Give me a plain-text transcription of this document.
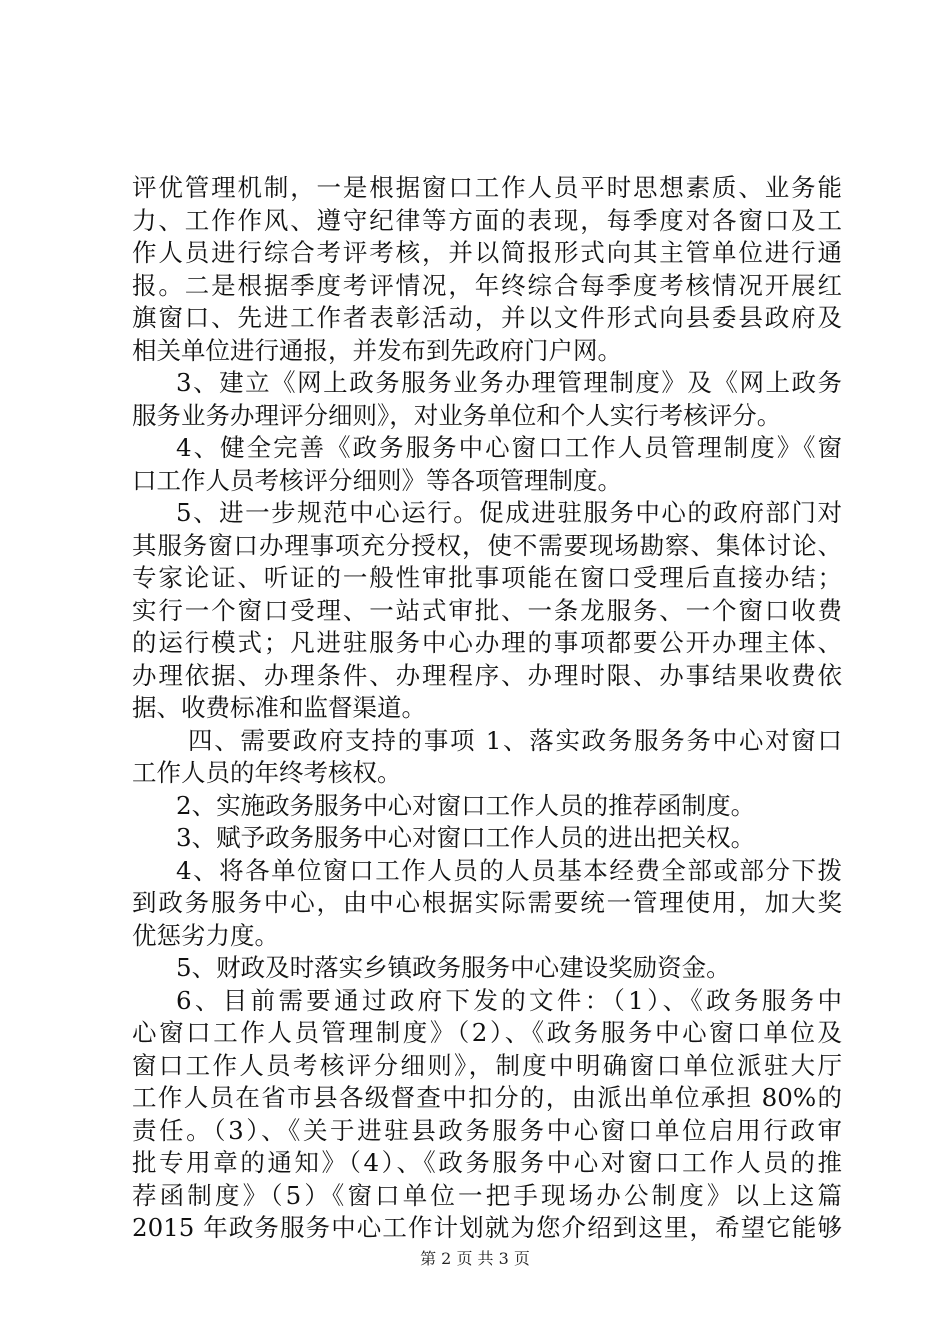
评优管理机制，一是根据窗口工作人员平时思想素质、业务能
力、工作作风、遵守纪律等方面的表现，每季度对各窗口及工
作人员进行综合考评考核，并以简报形式向其主管单位进行通
报。二是根据季度考评情况，年终综合每季度考核情况开展红
旗窗口、先进工作者表彰活动，并以文件形式向县委县政府及
相关单位进行通报，并发布到先政府门户网。
3、建立《网上政务服务业务办理管理制度》及《网上政务
服务业务办理评分细则》，对业务单位和个人实行考核评分。
4、健全完善《政务服务中心窗口工作人员管理制度》《窗
口工作人员考核评分细则》等各项管理制度。
5、进一步规范中心运行。促成进驻服务中心的政府部门对
其服务窗口办理事项充分授权，使不需要现场勘察、集体讨论、
专家论证、听证的一般性审批事项能在窗口受理后直接办结；
实行一个窗口受理、一站式审批、一条龙服务、一个窗口收费
的运行模式；凡进驻服务中心办理的事项都要公开办理主体、
办理依据、办理条件、办理程序、办理时限、办事结果收费依
据、收费标准和监督渠道。
四、需要政府支持的事项 1、落实政务服务务中心对窗口
工作人员的年终考核权。
2、实施政务服务中心对窗口工作人员的推荐函制度。
3、赋予政务服务中心对窗口工作人员的进出把关权。
4、将各单位窗口工作人员的人员基本经费全部或部分下拨
到政务服务中心，由中心根据实际需要统一管理使用，加大奖
优惩劣力度。
5、财政及时落实乡镇政务服务中心建设奖励资金。
6、目前需要通过政府下发的文件：（1）、《政务服务中
心窗口工作人员管理制度》（2）、《政务服务中心窗口单位及
窗口工作人员考核评分细则》，制度中明确窗口单位派驻大厅
工作人员在省市县各级督查中扣分的，由派出单位承担 80%的
责任。（3）、《关于进驻县政务服务中心窗口单位启用行政审
批专用章的通知》（4）、《政务服务中心对窗口工作人员的推
荐函制度》（5）《窗口单位一把手现场办公制度》以上这篇
2015 年政务服务中心工作计划就为您介绍到这里，希望它能够
第 2 页 共 3 页
